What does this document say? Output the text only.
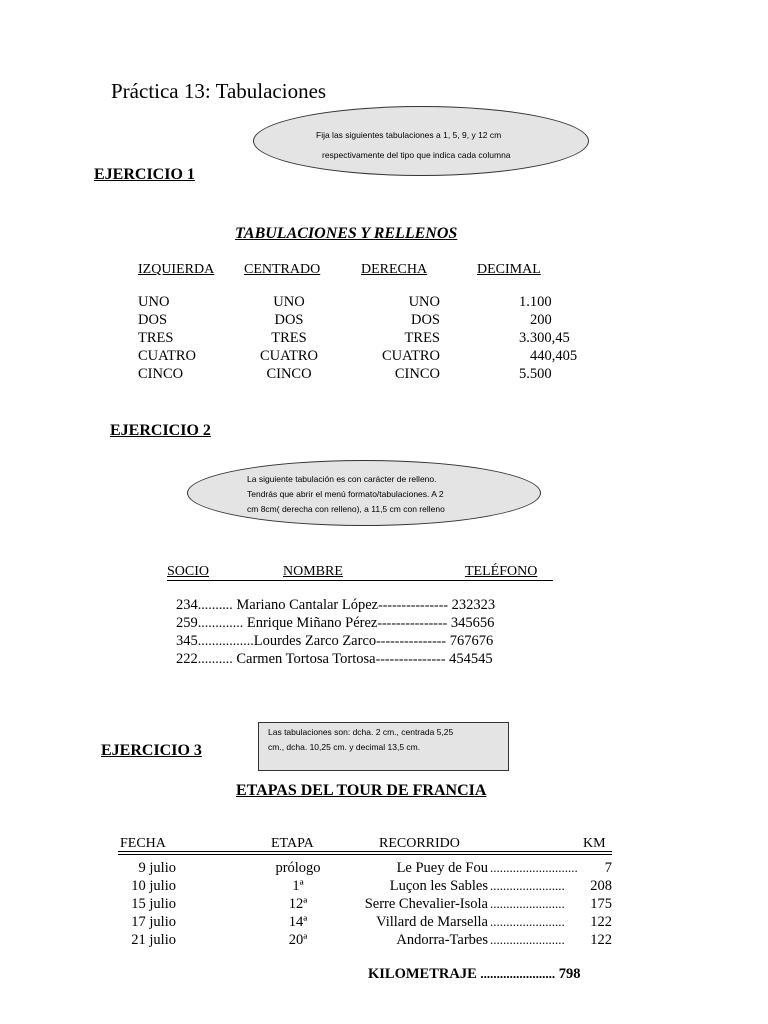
Práctica 13: Tabulaciones
Fija las siguientes tabulaciones a 1, 5, 9, y 12 cm
respectivamente del tipo que indica cada columna
EJERCICIO 1
TABULACIONES Y RELLENOS
IZQUIERDA CENTRADO	DERECHA	DECIMAL
UNO	UNO	UNO	1.100
DOS	DOS	DOS	200
TRES	TRES	TRES	3.300,45
CUATRO	CUATRO	CUATRO	440,405
CINCO	CINCO	CINCO	5.500
EJERCICIO 2
La siguiente tabulación es con carácter de relleno.
Tendrás que abrir el menú formato/tabulaciones. A 2
cm 8cm( derecha con relleno), a 11,5 cm con relleno
SOCIO	NOMBRE	TELÉFONO
234.......... Mariano Cantalar López--------------- 232323
259............. Enrique Miñano Pérez--------------- 345656
345................Lourdes Zarco Zarco--------------- 767676
222.......... Carmen Tortosa Tortosa--------------- 454545
Las tabulaciones son: dcha. 2 cm., centrada 5,25
cm., dcha. 10,25 cm. y decimal 13,5 cm.
EJERCICIO 3
ETAPAS DEL TOUR DE FRANCIA
FECHA	ETAPA	RECORRIDO	KM
9 julio	prólogo	Le Puey de Fou ...........................	7
10 julio	1ª	Luçon les Sables .......................	208
15 julio	12ª	Serre Chevalier-Isola .......................	175
17 julio	14ª	Villard de Marsella .......................	122
21 julio	20ª	Andorra-Tarbes .......................	122
KILOMETRAJE ....................... 798
